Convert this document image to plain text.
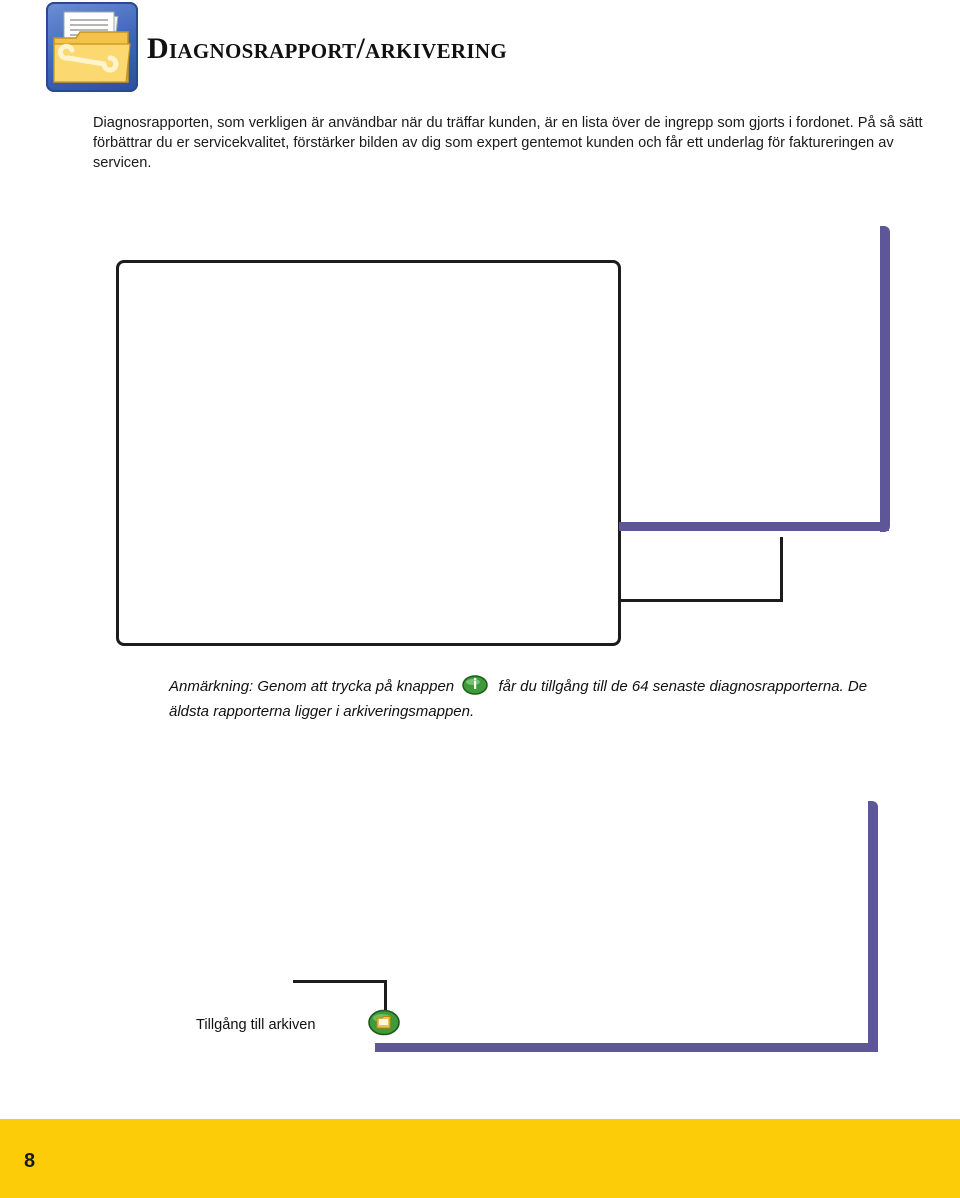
Diagnosrapport/arkivering

Diagnosrapporten, som verkligen är användbar när du träffar kunden, är en lista över de ingrepp som gjorts i fordonet. På så sätt förbättrar du er servicekvalitet, förstärker bilden av dig som expert gentemot kunden och får ett underlag för faktureringen av servicen.

Anmärkning: Genom att trycka på knappen	får du tillgång till de 64 senaste diagnosrapporterna. De äldsta rapporterna ligger i arkiveringsmappen.

Tillgång till arkiven
8
